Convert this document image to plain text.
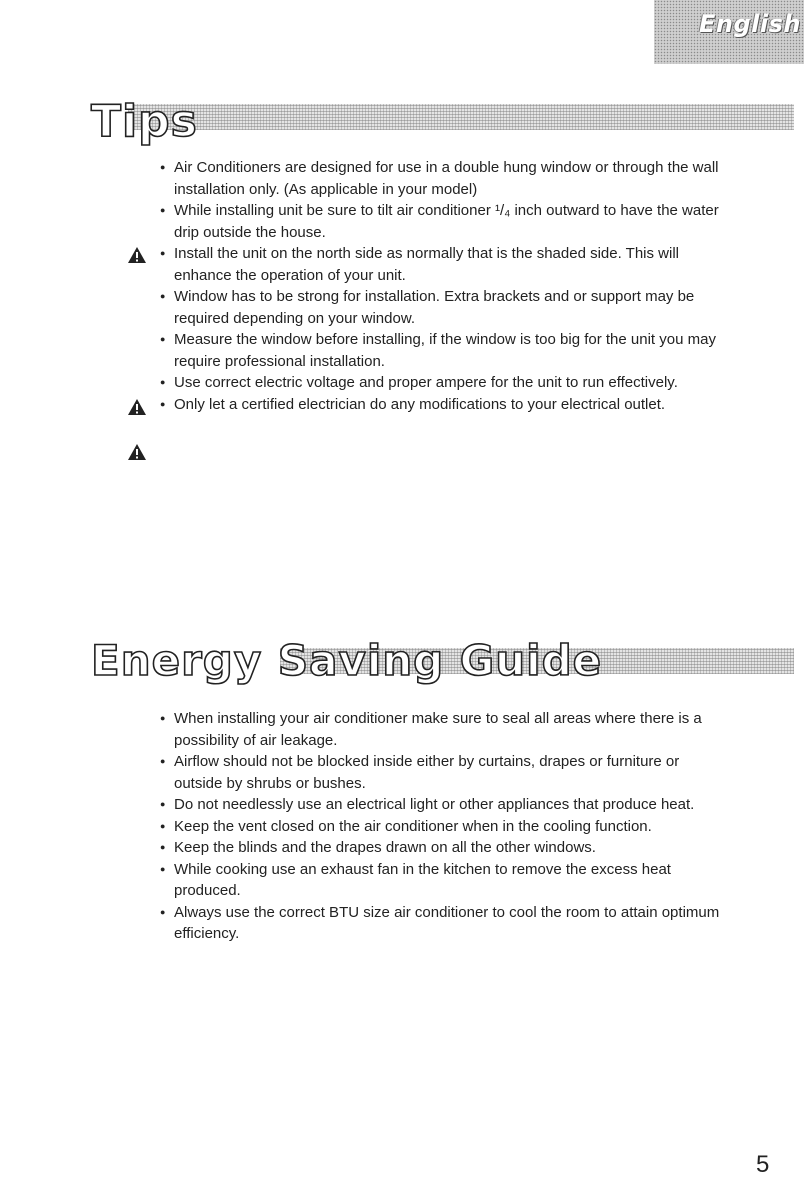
English
Tips
● Air Conditioners are designed for use in a double hung window or through the wall installation only. (As applicable in your model)
● While installing unit be sure to tilt air conditioner ¹/₄ inch outward to have the water drip outside the house.
● Install the unit on the north side as normally that is the shaded side. This will enhance the operation of your unit.
● Window has to be strong for installation. Extra brackets and or support may be required depending on your window.
● Measure the window before installing, if the window is too big for the unit you may require professional installation.
● Use correct electric voltage and proper ampere for the unit to run effectively.
● Only let a certified electrician do any modifications to your electrical outlet.
Energy Saving Guide
● When installing your air conditioner make sure to seal all areas where there is a possibility of air leakage.
● Airflow should not be blocked inside either by curtains, drapes or furniture or outside by shrubs or bushes.
● Do not needlessly use an electrical light or other appliances that produce heat.
● Keep the vent closed on the air conditioner when in the cooling function.
● Keep the blinds and the drapes drawn on all the other windows.
● While cooking use an exhaust fan in the kitchen to remove the excess heat produced.
● Always use the correct BTU size air conditioner to cool the room to attain optimum efficiency.
5
